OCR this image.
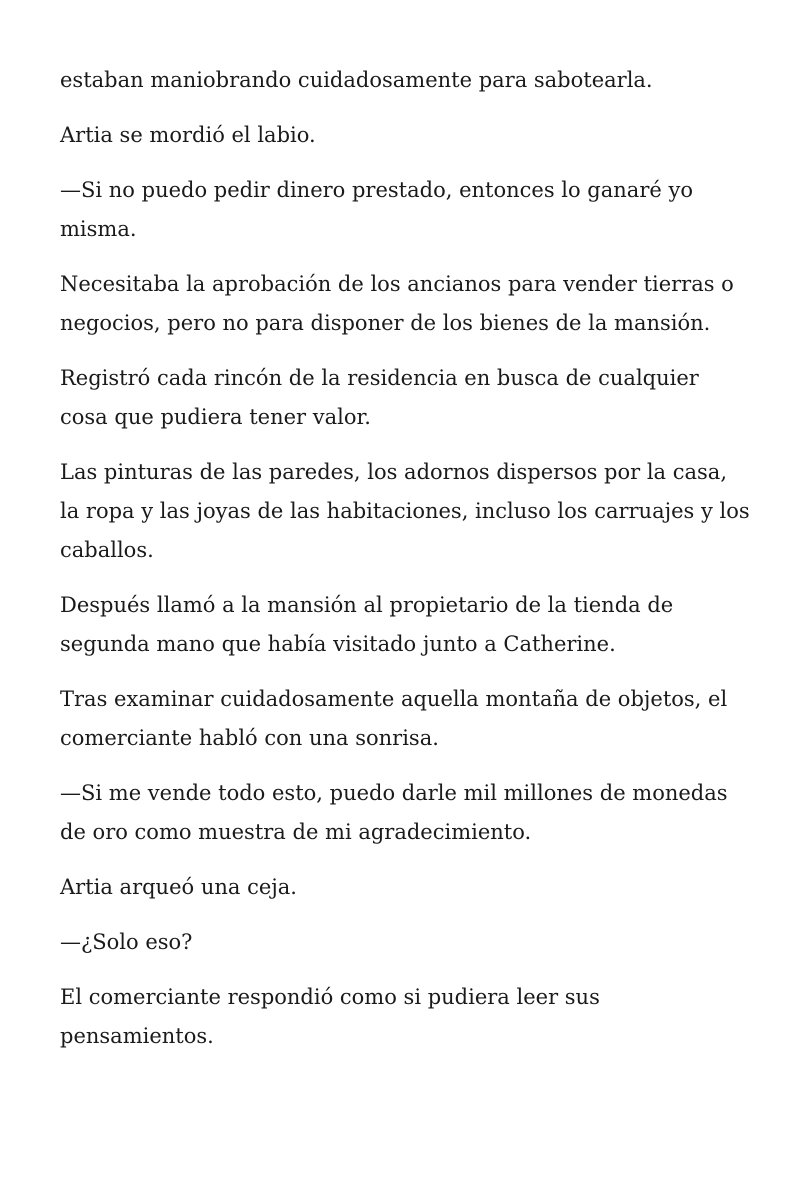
estaban maniobrando cuidadosamente para sabotearla.

Artia se mordió el labio.

—Si no puedo pedir dinero prestado, entonces lo ganaré yo misma.

Necesitaba la aprobación de los ancianos para vender tierras o negocios, pero no para disponer de los bienes de la mansión.

Registró cada rincón de la residencia en busca de cualquier cosa que pudiera tener valor.

Las pinturas de las paredes, los adornos dispersos por la casa, la ropa y las joyas de las habitaciones, incluso los carruajes y los caballos.

Después llamó a la mansión al propietario de la tienda de segunda mano que había visitado junto a Catherine.

Tras examinar cuidadosamente aquella montaña de objetos, el comerciante habló con una sonrisa.

—Si me vende todo esto, puedo darle mil millones de monedas de oro como muestra de mi agradecimiento.

Artia arqueó una ceja.

—¿Solo eso?

El comerciante respondió como si pudiera leer sus pensamientos.
